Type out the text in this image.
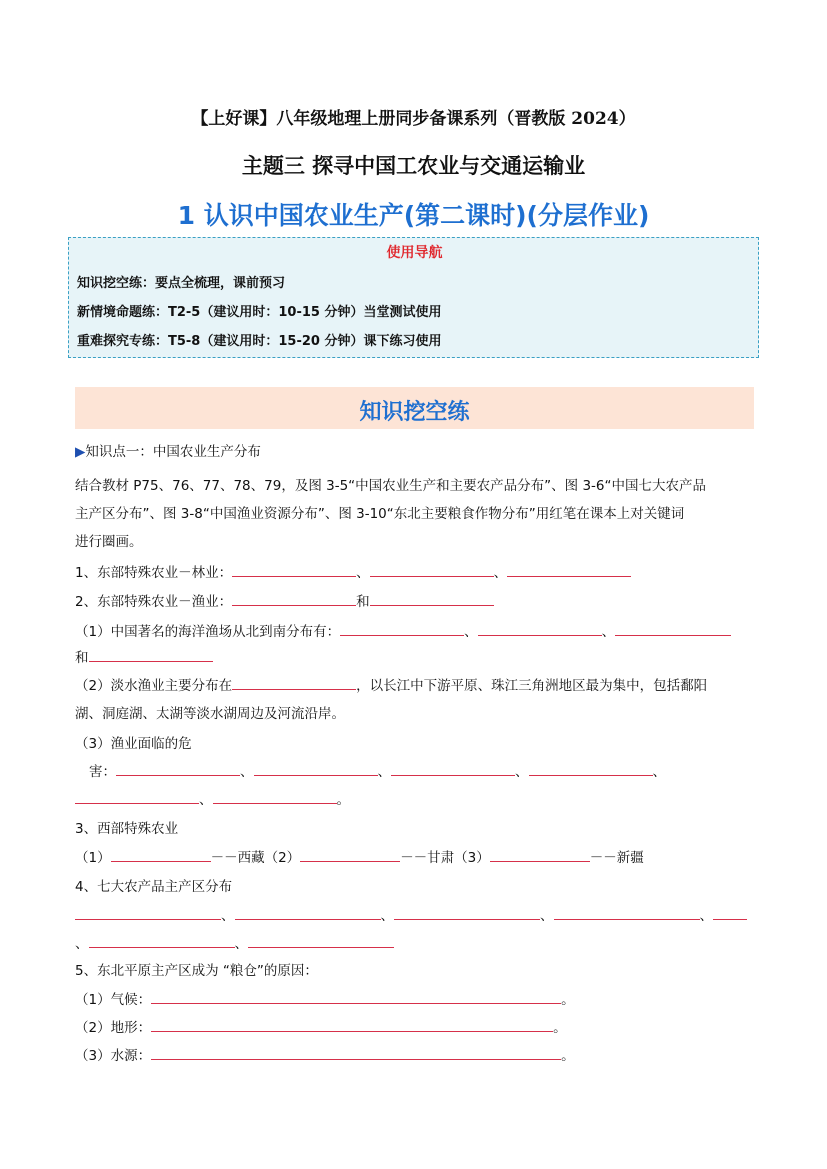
【上好课】八年级地理上册同步备课系列（晋教版 2024）
主题三 探寻中国工农业与交通运输业
1 认识中国农业生产(第二课时)(分层作业)
使用导航
知识挖空练：要点全梳理，课前预习
新情境命题练：T2-5（建议用时：10-15 分钟）当堂测试使用
重难探究专练：T5-8（建议用时：15-20 分钟）课下练习使用
知识挖空练
▶知识点一：中国农业生产分布
结合教材 P75、76、77、78、79，及图 3-5“中国农业生产和主要农产品分布”、图 3-6“中国七大农产品
主产区分布”、图 3-8“中国渔业资源分布”、图 3-10“东北主要粮食作物分布”用红笔在课本上对关键词
进行圈画。
1、东部特殊农业－林业：	、	、
2、东部特殊农业－渔业：	和
（1）中国著名的海洋渔场从北到南分布有：	、	、
和
（2）淡水渔业主要分布在	，以长江中下游平原、珠江三角洲地区最为集中，包括鄱阳
湖、洞庭湖、太湖等淡水湖周边及河流沿岸。
（3）渔业面临的危
害：	、	、	、	、
、	。
3、西部特殊农业
（1）	－－西藏（2）	－－甘肃（3）	－－新疆
4、七大农产品主产区分布
、	、	、	、
、	、
5、东北平原主产区成为 “粮仓”的原因：
（1）气候：	。
（2）地形：	。
（3）水源：	。
